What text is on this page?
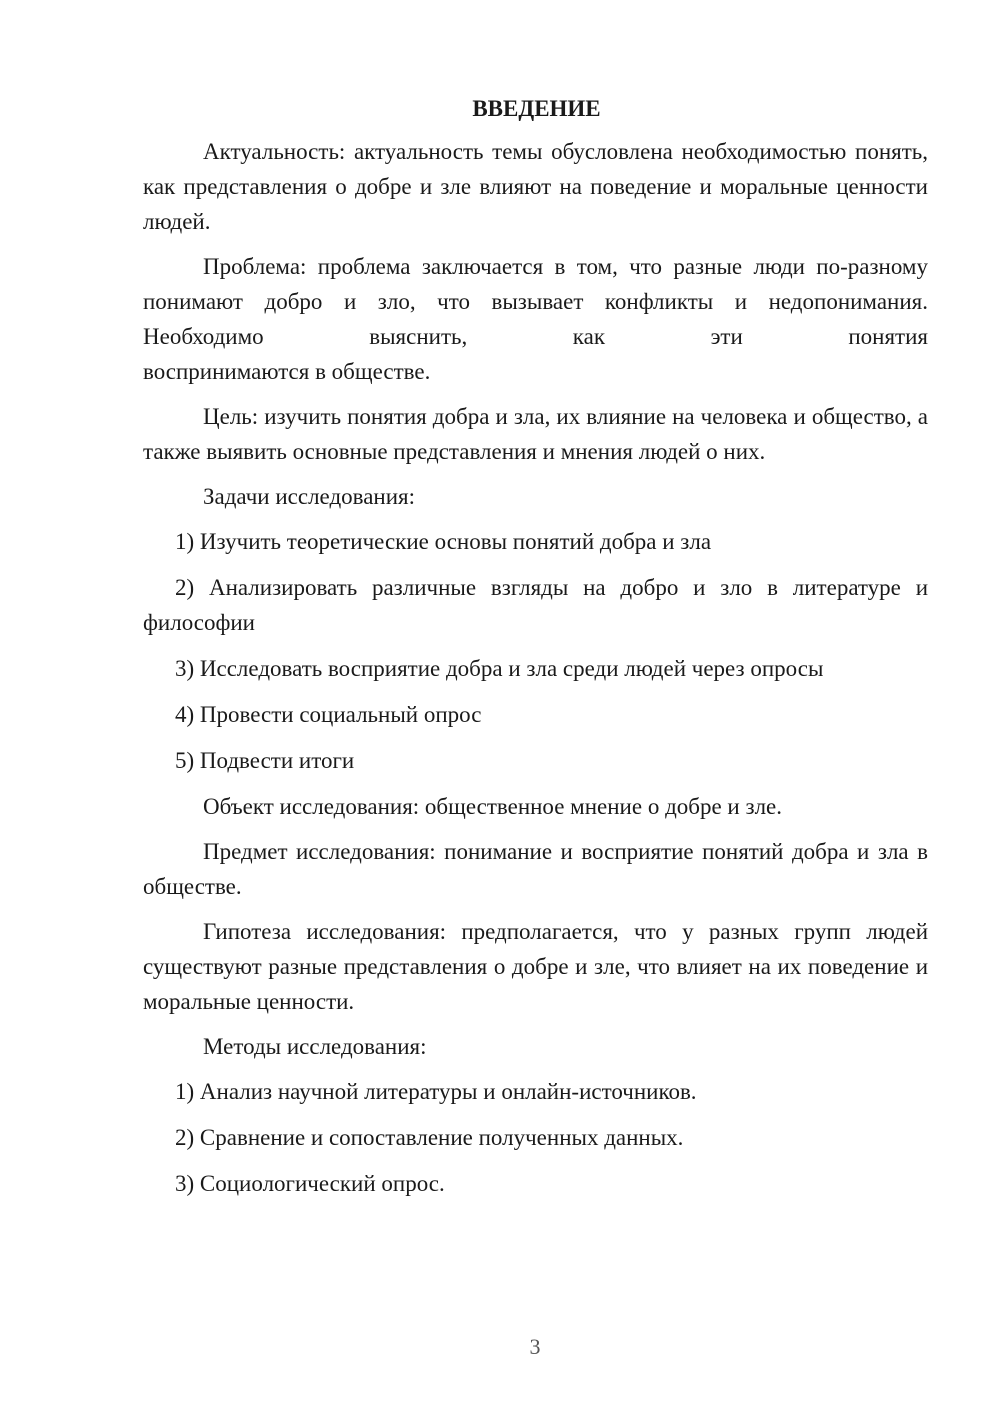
ВВЕДЕНИЕ

Актуальность: актуальность темы обусловлена необходимостью понять, как представления о добре и зле влияют на поведение и моральные ценности людей.

Проблема: проблема заключается в том, что разные люди по-разному понимают добро и зло, что вызывает конфликты и недопонимания. Необходимо выяснить, как эти понятия

воспринимаются в обществе.

Цель: изучить понятия добра и зла, их влияние на человека и общество, а также выявить основные представления и мнения людей о них.

Задачи исследования:

1) Изучить теоретические основы понятий добра и зла

2) Анализировать различные взгляды на добро и зло в литературе и философии

3) Исследовать восприятие добра и зла среди людей через опросы

4) Провести социальный опрос

5) Подвести итоги

Объект исследования: общественное мнение о добре и зле.

Предмет исследования: понимание и восприятие понятий добра и зла в обществе.

Гипотеза исследования: предполагается, что у разных групп людей существуют разные представления о добре и зле, что влияет на их поведение и моральные ценности.

Методы исследования:

1) Анализ научной литературы и онлайн-источников.

2) Сравнение и сопоставление полученных данных.

3) Социологический опрос.

3
